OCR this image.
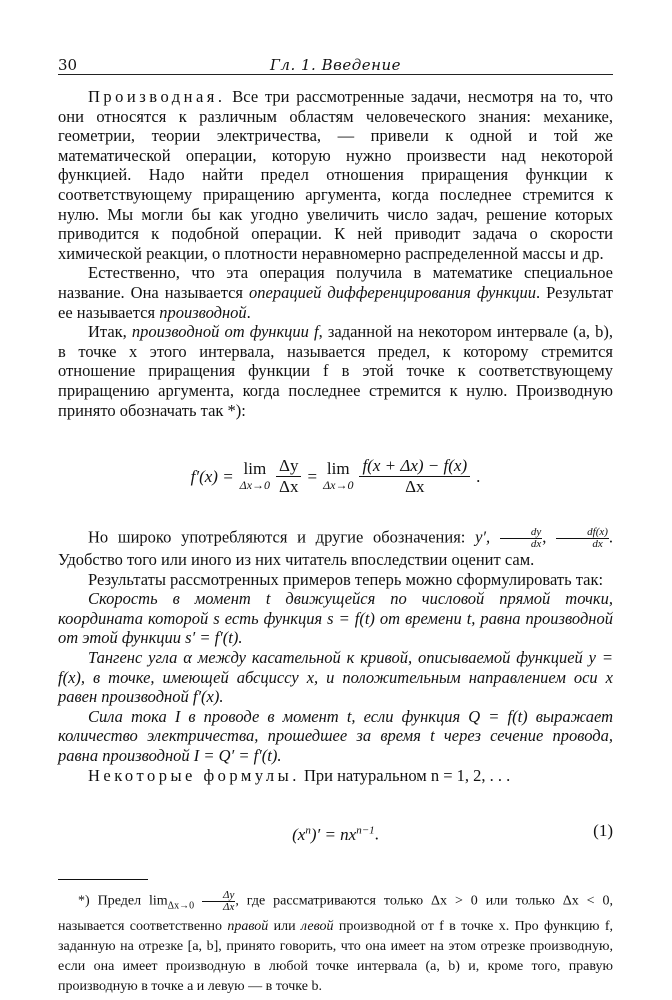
30	Гл. 1. Введение

Производная. Все три рассмотренные задачи, несмотря на то, что они относятся к различным областям человеческого знания: механике, геометрии, теории электричества, — привели к одной и той же математической операции, которую нужно произвести над некоторой функцией. Надо найти предел отношения приращения функции к соответствующему приращению аргумента, когда последнее стремится к нулю. Мы могли бы как угодно увеличить число задач, решение которых приводится к подобной операции. К ней приводит задача о скорости химической реакции, о плотности неравномерно распределенной массы и др.

Естественно, что эта операция получила в математике специальное название. Она называется операцией дифференцирования функции. Результат ее называется производной.

Итак, производной от функции f, заданной на некотором интервале (a, b), в точке x этого интервала, называется предел, к которому стремится отношение приращения функции f в этой точке к соответствующему приращению аргумента, когда последнее стремится к нулю. Производную принято обозначать так *):

f′(x) = lim
$\Delta x\to 0 \frac{\Delta y}{\Delta x} = \lim$
$\Delta x\to 0 \frac{f(x + \Delta x) - f(x)}{\Delta x}$ .

Но широко употребляются и другие обозначения: y′, $\frac{dy}{dx}$ , $\frac{df(x)}{dx}$ . Удобство того или иного из них читатель впоследствии оценит сам.

Результаты рассмотренных примеров теперь можно сформулировать так:

Скорость в момент t движущейся по числовой прямой точки, координата которой s есть функция s = f(t) от времени t, равна производной от этой функции s′ = f′(t).

Тангенс угла α между касательной к кривой, описываемой функцией y = f(x), в точке, имеющей абсциссу x, и положительным направлением оси x равен производной f′(x).

Сила тока I в проводе в момент t, если функция Q = f(t) выражает количество электричества, прошедшее за время t через сечение провода, равна производной I = Q′ = f′(t).

Некоторые формулы. При натуральном n = 1, 2, . . .

$(x^n)' = nx^{n-1}$.	(1)

*) Предел $\lim_{\Delta x\to 0} \frac{\Delta y}{\Delta x}$ , где рассматриваются только Δx > 0 или только Δx < 0, называется соответственно правой или левой производной от f в точке x. Про функцию f, заданную на отрезке [a, b], принято говорить, что она имеет на этом отрезке производную, если она имеет производную в любой точке интервала (a, b) и, кроме того, правую производную в точке a и левую — в точке b.
